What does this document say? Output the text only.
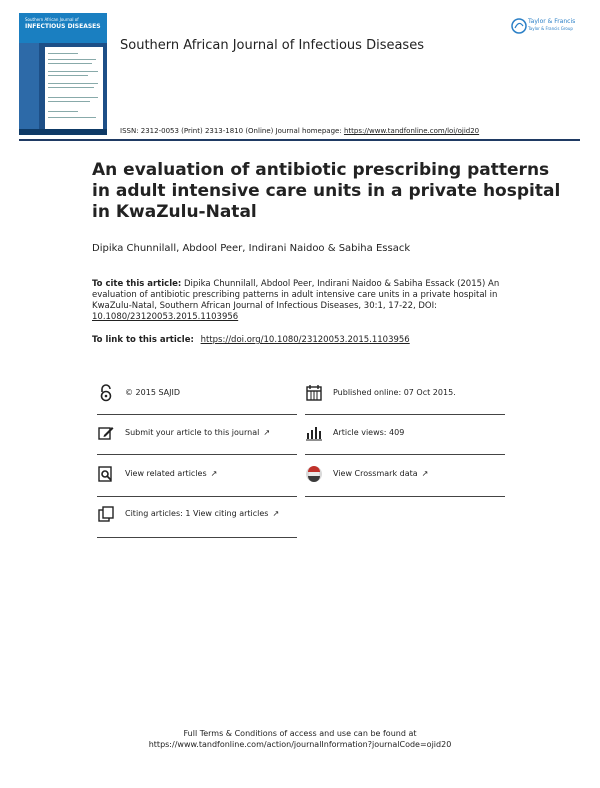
Southern African Journal of
INFECTIOUS DISEASES
Southern African Journal of Infectious Diseases
Taylor & Francis
Taylor & Francis Group
ISSN: 2312-0053 (Print) 2313-1810 (Online) Journal homepage: https://www.tandfonline.com/loi/ojid20
An evaluation of antibiotic prescribing patterns in adult intensive care units in a private hospital in KwaZulu-Natal
Dipika Chunnilall, Abdool Peer, Indirani Naidoo & Sabiha Essack
To cite this article: Dipika Chunnilall, Abdool Peer, Indirani Naidoo & Sabiha Essack (2015) An evaluation of antibiotic prescribing patterns in adult intensive care units in a private hospital in KwaZulu-Natal, Southern African Journal of Infectious Diseases, 30:1, 17-22, DOI: 10.1080/23120053.2015.1103956
To link to this article: https://doi.org/10.1080/23120053.2015.1103956
© 2015 SAJID
Submit your article to this journal ↗
View related articles ↗
Citing articles: 1 View citing articles ↗
Published online: 07 Oct 2015.
Article views: 409
View Crossmark data ↗
Full Terms & Conditions of access and use can be found at
https://www.tandfonline.com/action/journalInformation?journalCode=ojid20
